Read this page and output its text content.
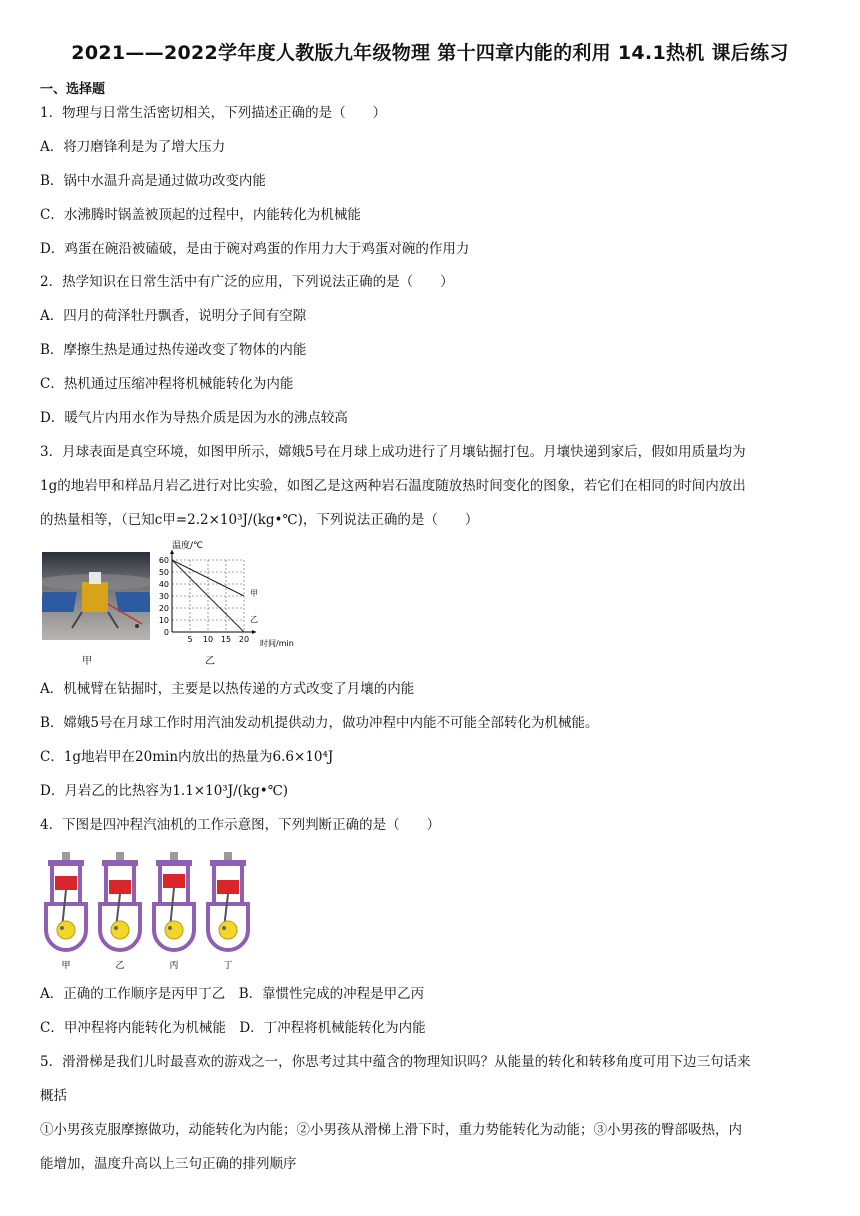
2021——2022学年度人教版九年级物理 第十四章内能的利用 14.1热机 课后练习
一、选择题
1．物理与日常生活密切相关，下列描述正确的是（　　）
A．将刀磨锋利是为了增大压力
B．锅中水温升高是通过做功改变内能
C．水沸腾时锅盖被顶起的过程中，内能转化为机械能
D．鸡蛋在碗沿被磕破，是由于碗对鸡蛋的作用力大于鸡蛋对碗的作用力
2．热学知识在日常生活中有广泛的应用，下列说法正确的是（　　）
A．四月的荷泽牡丹飘香，说明分子间有空隙
B．摩擦生热是通过热传递改变了物体的内能
C．热机通过压缩冲程将机械能转化为内能
D．暖气片内用水作为导热介质是因为水的沸点较高
3．月球表面是真空环境，如图甲所示，嫦娥5号在月球上成功进行了月壤钻掘打包。月壤快递到家后，假如用质量均为
1g的地岩甲和样品月岩乙进行对比实验，如图乙是这两种岩石温度随放热时间变化的图象，若它们在相同的时间内放出
的热量相等，（已知c甲=2.2×10³J/(kg•℃)，下列说法正确的是（　　）
甲
5 10 15 20
0
10
20
30
40
50
60
甲
乙
温度/℃
时间/min
乙
A．机械臂在钻掘时，主要是以热传递的方式改变了月壤的内能
B．嫦娥5号在月球工作时用汽油发动机提供动力，做功冲程中内能不可能全部转化为机械能。
C．1g地岩甲在20min内放出的热量为6.6×10⁴J
D．月岩乙的比热容为1.1×10³J/(kg•℃)
4．下图是四冲程汽油机的工作示意图，下列判断正确的是（　　）
甲	乙	丙	丁
A．正确的工作顺序是丙甲丁乙　B．靠惯性完成的冲程是甲乙丙
C．甲冲程将内能转化为机械能　D．丁冲程将机械能转化为内能
5．滑滑梯是我们儿时最喜欢的游戏之一，你思考过其中蕴含的物理知识吗？从能量的转化和转移角度可用下边三句话来
概括
①小男孩克服摩擦做功，动能转化为内能；②小男孩从滑梯上滑下时，重力势能转化为动能；③小男孩的臀部吸热，内
能增加，温度升高以上三句正确的排列顺序
